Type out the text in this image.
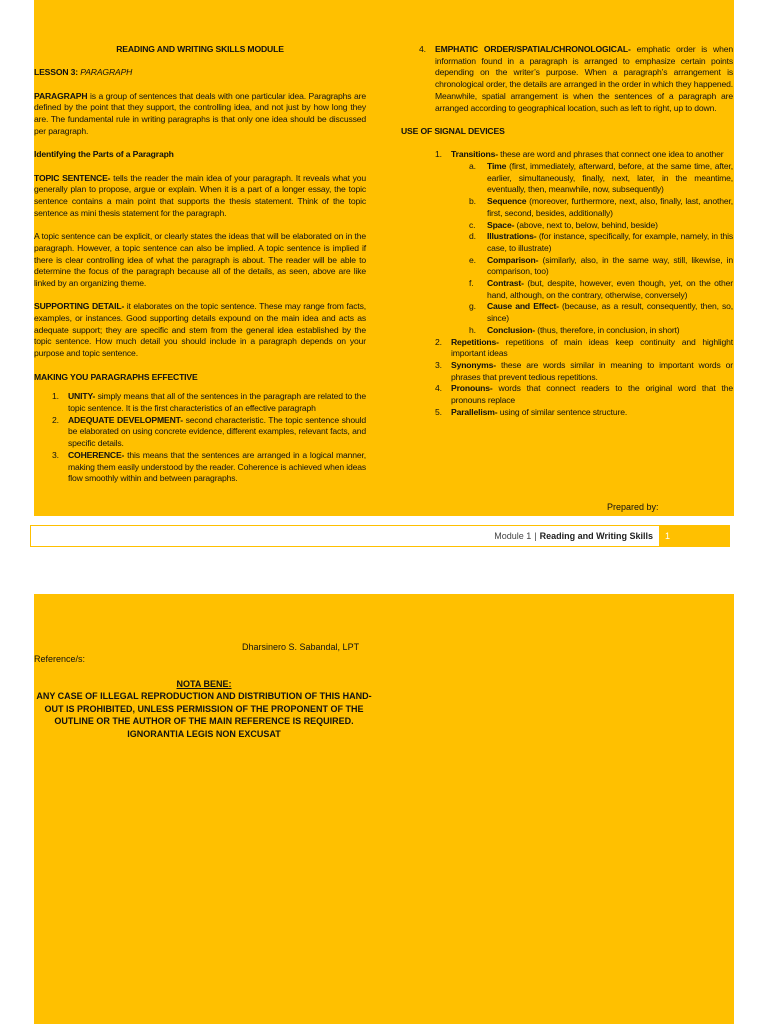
READING AND WRITING SKILLS MODULE

LESSON 3: PARAGRAPH

PARAGRAPH is a group of sentences that deals with one particular idea. Paragraphs are defined by the point that they support, the controlling idea, and not just by how long they are. The fundamental rule in writing paragraphs is that only one idea should be discussed per paragraph.

Identifying the Parts of a Paragraph

TOPIC SENTENCE- tells the reader the main idea of your paragraph. It reveals what you generally plan to propose, argue or explain. When it is a part of a longer essay, the topic sentence contains a main point that supports the thesis statement. Think of the topic sentence as mini thesis statement for the paragraph.

A topic sentence can be explicit, or clearly states the ideas that will be elaborated on in the paragraph. However, a topic sentence can also be implied. A topic sentence is implied if there is clear controlling idea of what the paragraph is about. The reader will be able to determine the focus of the paragraph because all of the details, as seen, above are like linked by an organizing theme.

SUPPORTING DETAIL- it elaborates on the topic sentence. These may range from facts, examples, or instances. Good supporting details expound on the main idea and acts as adequate support; they are specific and stem from the general idea established by the topic sentence. How much detail you should include in a paragraph depends on your purpose and topic sentence.

MAKING YOU PARAGRAPHS EFFECTIVE

1.	UNITY- simply means that all of the sentences in the paragraph are related to the topic sentence. It is the first characteristics of an effective paragraph
2.	ADEQUATE DEVELOPMENT- second characteristic. The topic sentence should be elaborated on using concrete evidence, different examples, relevant facts, and specific details.
3.	COHERENCE- this means that the sentences are arranged in a logical manner, making them easily understood by the reader. Coherence is achieved when ideas flow smoothly within and between paragraphs.
4.	EMPHATIC ORDER/SPATIAL/CHRONOLOGICAL- emphatic order is when information found in a paragraph is arranged to emphasize certain points depending on the writer’s purpose. When a paragraph’s arrangement is chronological order, the details are arranged in the order in which they happened. Meanwhile, spatial arrangement is when the sentences of a paragraph are arranged according to geographical location, such as left to right, up to down.

USE OF SIGNAL DEVICES

1.	Transitions- these are word and phrases that connect one idea to another
a.	Time (first, immediately, afterward, before, at the same time, after, earlier, simultaneously, finally, next, later, in the meantime, eventually, then, meanwhile, now, subsequently)
b.	Sequence (moreover, furthermore, next, also, finally, last, another, first, second, besides, additionally)
c.	Space- (above, next to, below, behind, beside)
d.	Illustrations- (for instance, specifically, for example, namely, in this case, to illustrate)
e.	Comparison- (similarly, also, in the same way, still, likewise, in comparison, too)
f.	Contrast- (but, despite, however, even though, yet, on the other hand, although, on the contrary, otherwise, conversely)
g.	Cause and Effect- (because, as a result, consequently, then, so, since)
h.	Conclusion- (thus, therefore, in conclusion, in short)
2.	Repetitions- repetitions of main ideas keep continuity and highlight important ideas
3.	Synonyms- these are words similar in meaning to important words or phrases that prevent tedious repetitions.
4.	Pronouns- words that connect readers to the original word that the pronouns replace
5.	Parallelism- using of similar sentence structure.
Prepared by:
Module 1 | Reading and Writing Skills	1
Dharsinero S. Sabandal, LPT
Reference/s:
NOTA BENE:
ANY CASE OF ILLEGAL REPRODUCTION AND DISTRIBUTION OF THIS HAND-OUT IS PROHIBITED, UNLESS PERMISSION OF THE PROPONENT OF THE OUTLINE OR THE AUTHOR OF THE MAIN REFERENCE IS REQUIRED.
IGNORANTIA LEGIS NON EXCUSAT
